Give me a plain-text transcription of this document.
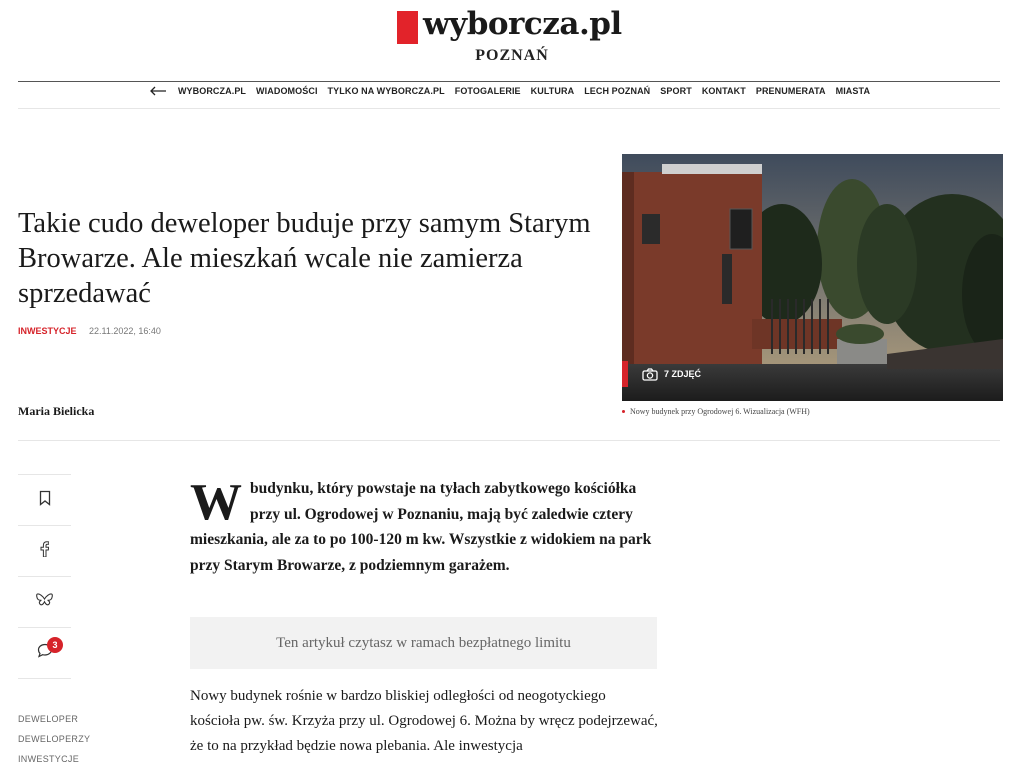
wyborcza.pl
POZNAŃ
WYBORCZA.PL	WIADOMOŚCI	TYLKO NA WYBORCZA.PL	FOTOGALERIE	KULTURA	LECH POZNAŃ	SPORT	KONTAKT	PRENUMERATA	MIASTA
Takie cudo deweloper buduje przy samym Starym Browarze. Ale mieszkań wcale nie zamierza sprzedawać
INWESTYCJE 22.11.2022, 16:40
Maria Bielicka
7 ZDJĘĆ
Nowy budynek przy Ogrodowej 6. Wizualizacja (WFH)
3
DEWELOPER
DEWELOPERZY
INWESTYCJE
Wbudynku, który powstaje na tyłach zabytkowego kościółka przy ul. Ogrodowej w Poznaniu, mają być zaledwie cztery mieszkania, ale za to po 100-120 m kw. Wszystkie z widokiem na park przy Starym Browarze, z podziemnym garażem.
Ten artykuł czytasz w ramach bezpłatnego limitu

Nowy budynek rośnie w bardzo bliskiej odległości od neogotyckiego kościoła pw. św. Krzyża przy ul. Ogrodowej 6. Można by wręcz podejrzewać, że to na przykład będzie nowa plebania. Ale inwestycja
